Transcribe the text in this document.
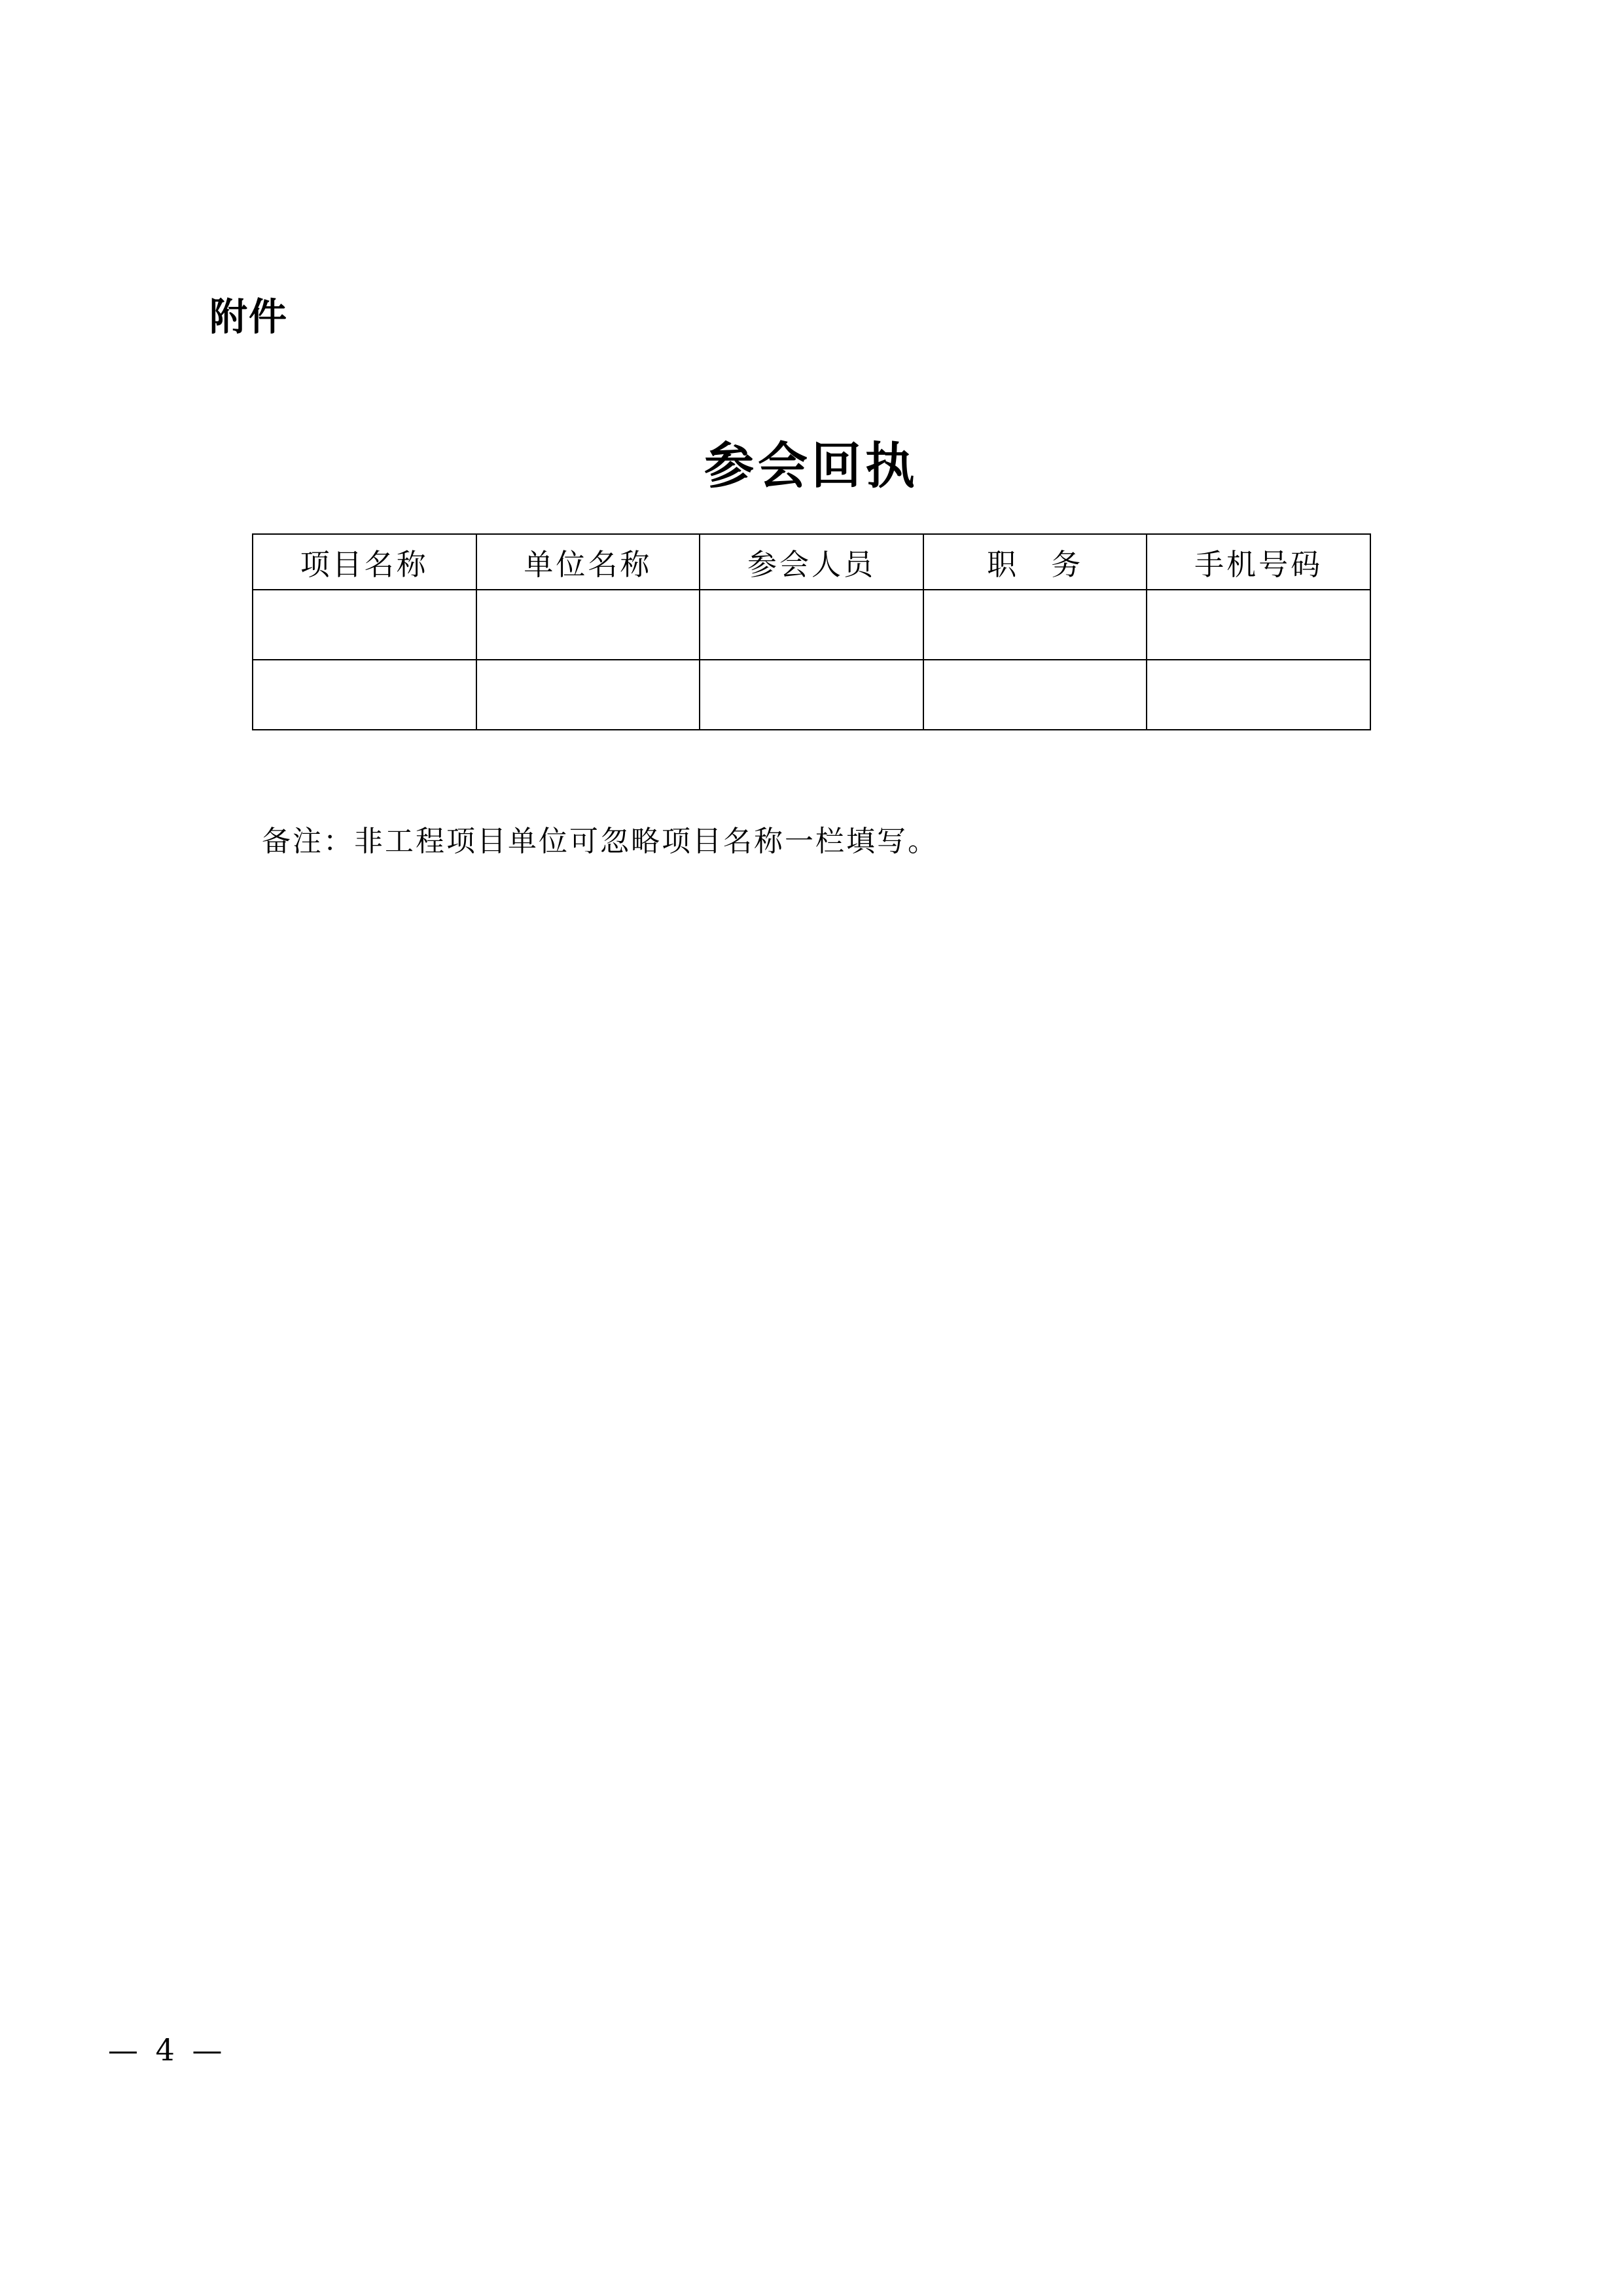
附件
参会回执
项目名称	单位名称	参会人员	职　务	手机号码

备注：非工程项目单位可忽略项目名称一栏填写。
— 4 —
